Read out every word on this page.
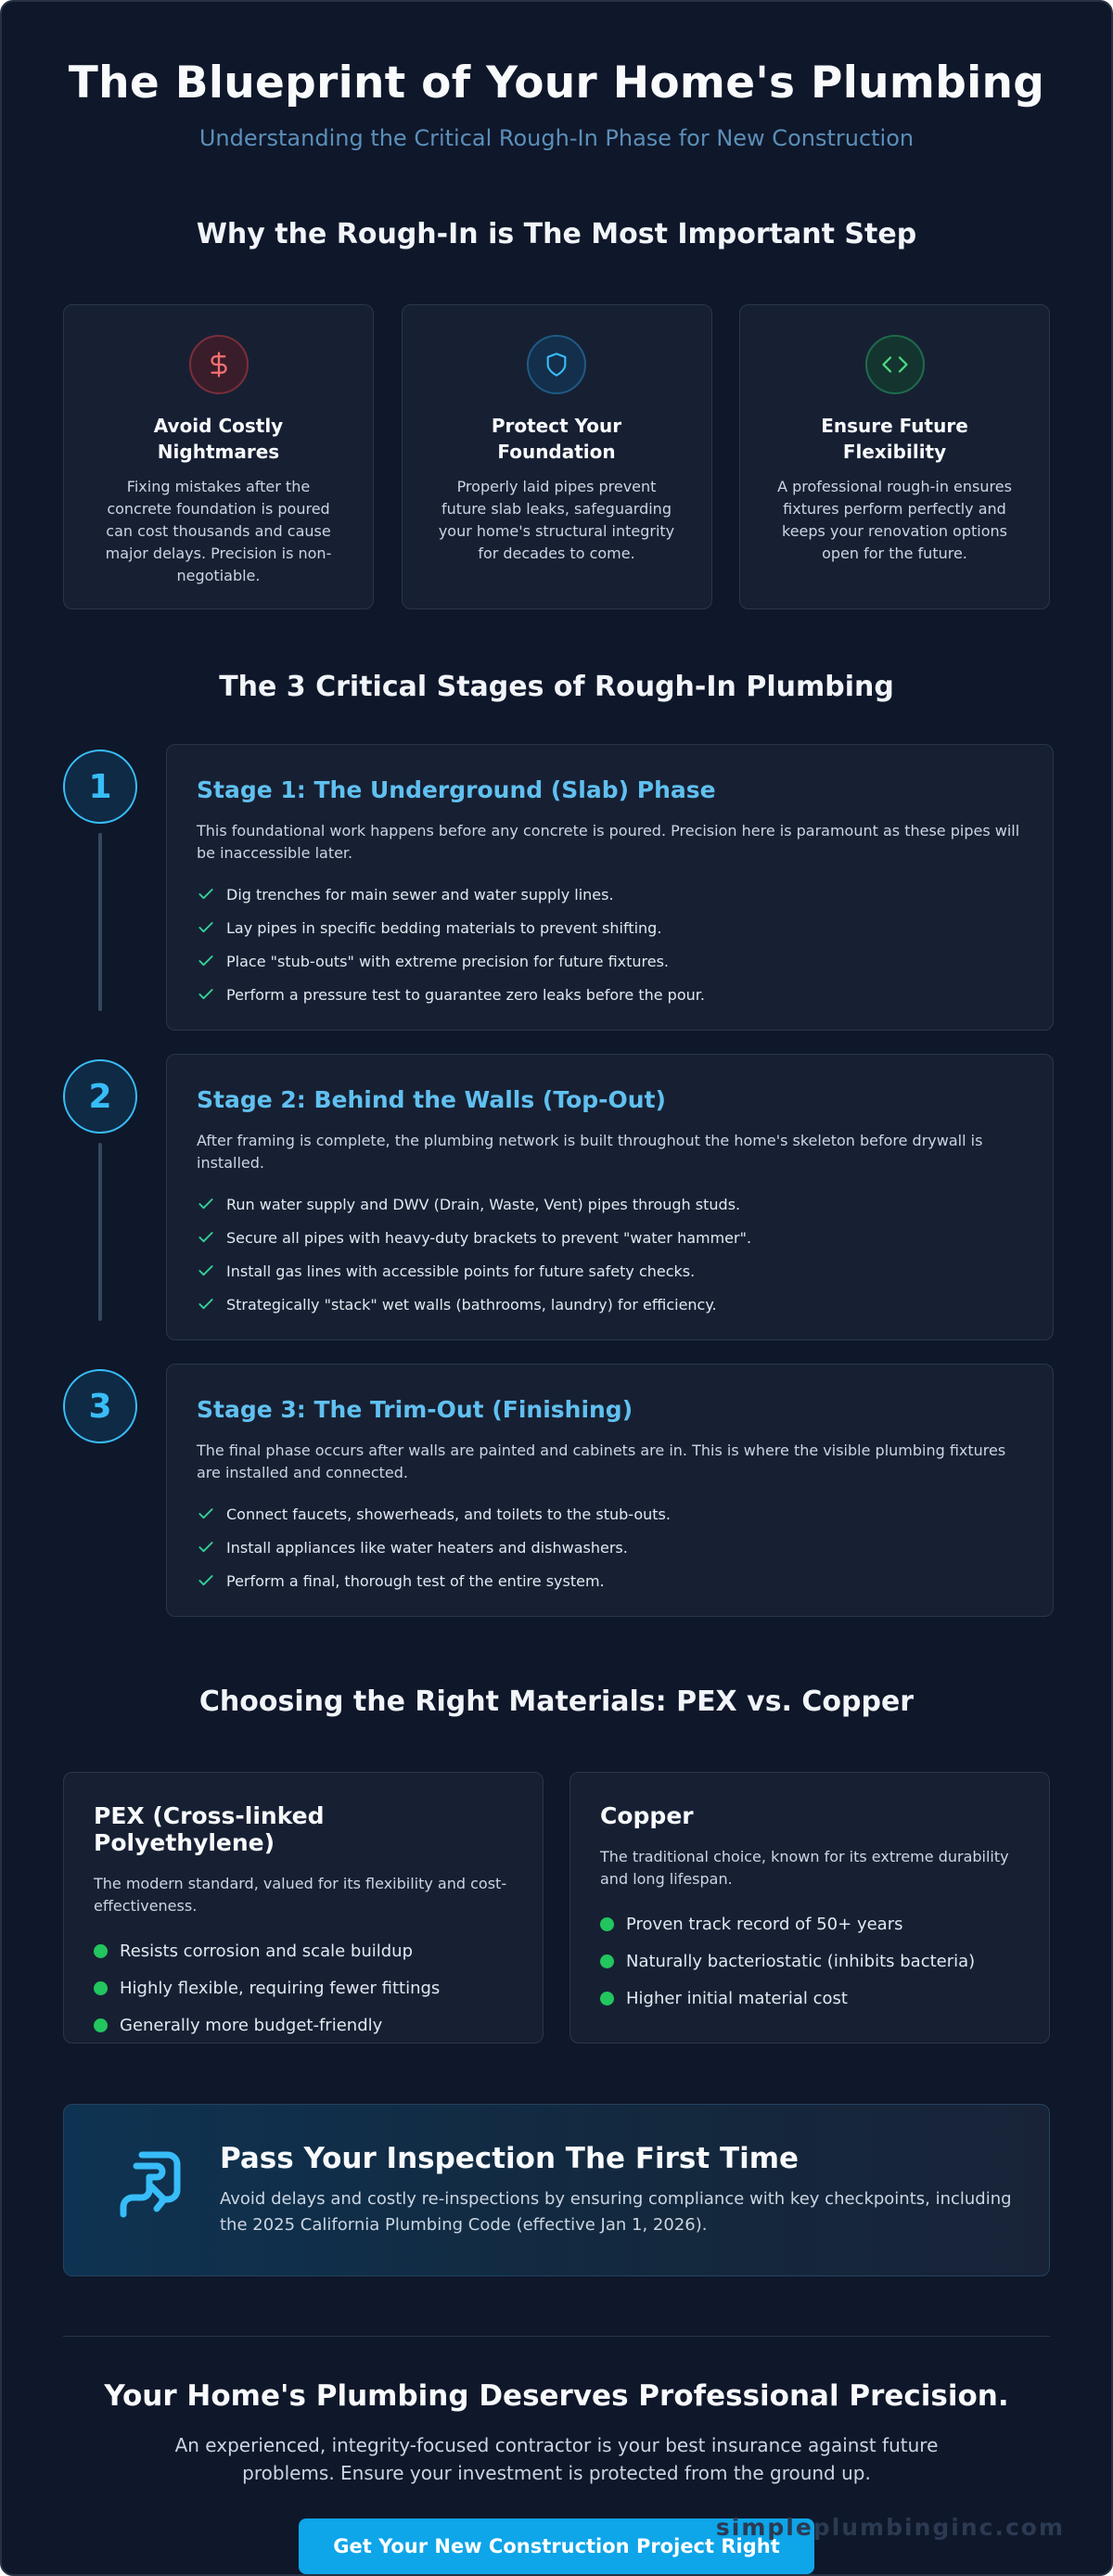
The Blueprint of Your Home's Plumbing
Understanding the Critical Rough-In Phase for New Construction
Why the Rough-In is The Most Important Step
Avoid Costly Nightmares

Fixing mistakes after the concrete foundation is poured can cost thousands and cause major delays. Precision is non-negotiable.

Protect Your Foundation

Properly laid pipes prevent future slab leaks, safeguarding your home's structural integrity for decades to come.

Ensure Future Flexibility

A professional rough-in ensures fixtures perform perfectly and keeps your renovation options open for the future.

The 3 Critical Stages of Rough-In Plumbing
1	Stage 1: The Underground (Slab) Phase

This foundational work happens before any concrete is poured. Precision here is paramount as these pipes will be inaccessible later.

Dig trenches for main sewer and water supply lines.
Lay pipes in specific bedding materials to prevent shifting.
Place "stub-outs" with extreme precision for future fixtures.
Perform a pressure test to guarantee zero leaks before the pour.
2	Stage 2: Behind the Walls (Top-Out)

After framing is complete, the plumbing network is built throughout the home's skeleton before drywall is installed.

Run water supply and DWV (Drain, Waste, Vent) pipes through studs.
Secure all pipes with heavy-duty brackets to prevent "water hammer".
Install gas lines with accessible points for future safety checks.
Strategically "stack" wet walls (bathrooms, laundry) for efficiency.
3	Stage 3: The Trim-Out (Finishing)

The final phase occurs after walls are painted and cabinets are in. This is where the visible plumbing fixtures are installed and connected.

Connect faucets, showerheads, and toilets to the stub-outs.
Install appliances like water heaters and dishwashers.
Perform a final, thorough test of the entire system.
Choosing the Right Materials: PEX vs. Copper
PEX (Cross-linked Polyethylene)

The modern standard, valued for its flexibility and cost-effectiveness.

Resists corrosion and scale buildup
Highly flexible, requiring fewer fittings
Generally more budget-friendly
Copper

The traditional choice, known for its extreme durability and long lifespan.

Proven track record of 50+ years
Naturally bacteriostatic (inhibits bacteria)
Higher initial material cost
Pass Your Inspection The First Time

Avoid delays and costly re-inspections by ensuring compliance with key checkpoints, including the 2025 California Plumbing Code (effective Jan 1, 2026).

Your Home's Plumbing Deserves Professional Precision.

An experienced, integrity-focused contractor is your best insurance against future problems. Ensure your investment is protected from the ground up.

Get Your New Construction Project Right
simpleplumbinginc.com
